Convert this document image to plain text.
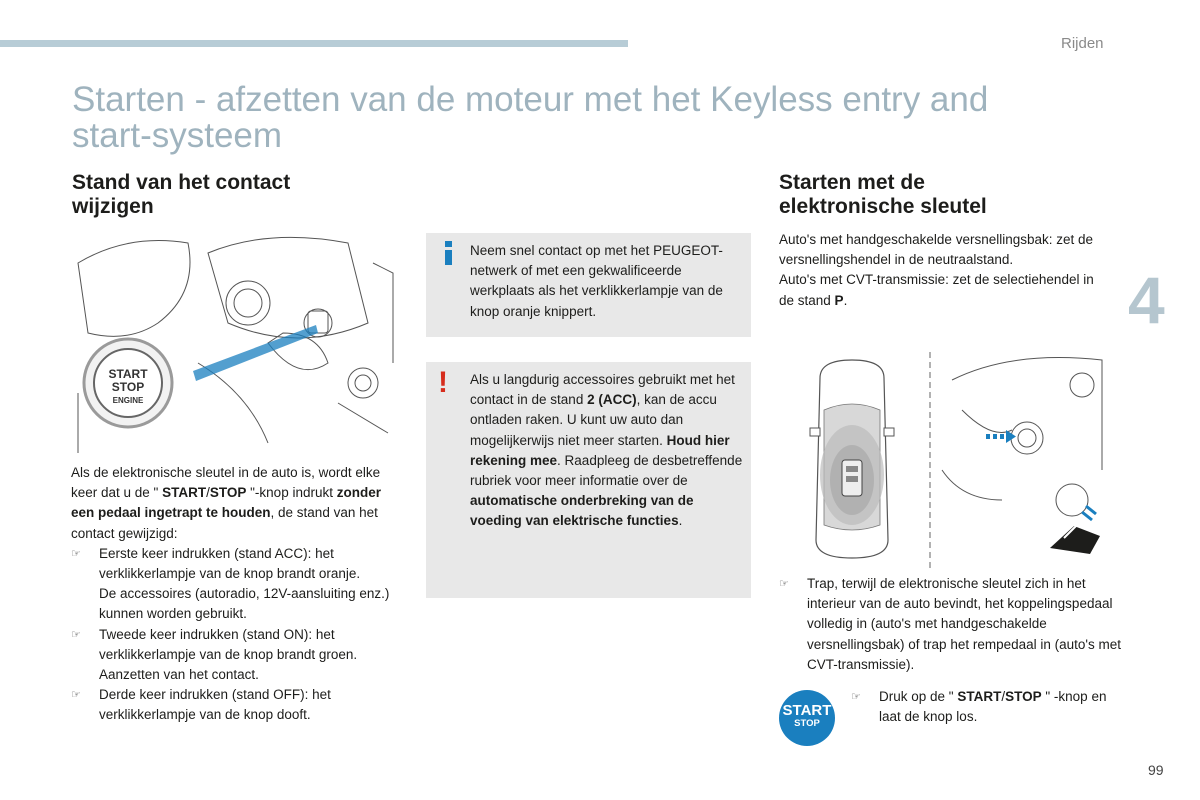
Rijden
Starten - afzetten van de moteur met het Keyless entry and start-systeem
4
Stand van het contact
wijzigen
START
STOP
ENGINE

Als de elektronische sleutel in de auto is, wordt elke keer dat u de " START/STOP "-knop indrukt zonder een pedaal ingetrapt te houden, de stand van het contact gewijzigd:

☞ Eerste keer indrukken (stand ACC): het verklikkerlampje van de knop brandt oranje.

De accessoires (autoradio, 12V-aansluiting enz.) kunnen worden gebruikt.

☞ Tweede keer indrukken (stand ON): het verklikkerlampje van de knop brandt groen.

Aanzetten van het contact.

☞ Derde keer indrukken (stand OFF): het verklikkerlampje van de knop dooft.

Neem snel contact op met het PEUGEOT-netwerk of met een gekwalificeerde werkplaats als het verklikkerlampje van de knop oranje knippert.

! Als u langdurig accessoires gebruikt met het contact in de stand 2 (ACC), kan de accu ontladen raken. U kunt uw auto dan mogelijkerwijs niet meer starten. Houd hier rekening mee. Raadpleeg de desbetreffende rubriek voor meer informatie over de automatische onderbreking van de voeding van elektrische functies.

Starten met de
elektronische sleutel

Auto's met handgeschakelde versnellingsbak: zet de versnellingshendel in de neutraalstand.

Auto's met CVT-transmissie: zet de selectiehendel in de stand P.

☞ Trap, terwijl de elektronische sleutel zich in het interieur van de auto bevindt, het koppelingspedaal volledig in (auto's met handgeschakelde versnellingsbak) of trap het rempedaal in (auto's met CVT-transmissie).

START
STOP
☞ Druk op de " START/STOP " -knop en laat de knop los.

99
